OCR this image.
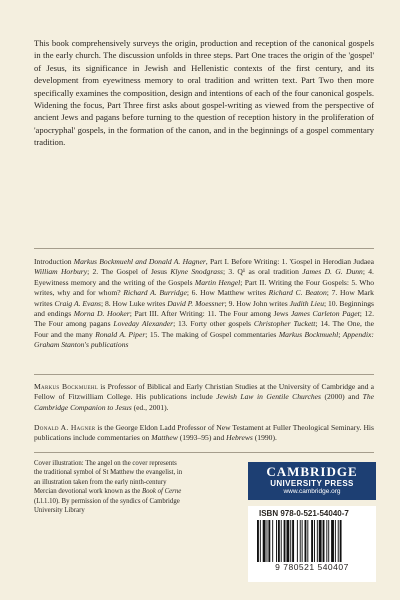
This book comprehensively surveys the origin, production and reception of the canonical gospels in the early church. The discussion unfolds in three steps. Part One traces the origin of the 'gospel' of Jesus, its significance in Jewish and Hellenistic contexts of the first century, and its development from eyewitness memory to oral tradition and written text. Part Two then more specifically examines the composition, design and intentions of each of the four canonical gospels. Widening the focus, Part Three first asks about gospel-writing as viewed from the perspective of ancient Jews and pagans before turning to the question of reception history in the proliferation of 'apocryphal' gospels, in the formation of the canon, and in the beginnings of a gospel commentary tradition.

Introduction Markus Bockmuehl and Donald A. Hagner, Part I. Before Writing: 1. 'Gospel in Herodian Judaea William Horbury; 2. The Gospel of Jesus Klyne Snodgrass; 3. Q¹ as oral tradition James D. G. Dunn; 4. Eyewitness memory and the writing of the Gospels Martin Hengel; Part II. Writing the Four Gospels: 5. Who writes, why and for whom? Richard A. Burridge; 6. How Matthew writes Richard C. Beaton; 7. How Mark writes Craig A. Evans; 8. How Luke writes David P. Moessner; 9. How John writes Judith Lieu; 10. Beginnings and endings Morna D. Hooker; Part III. After Writing: 11. The Four among Jews James Carleton Paget; 12. The Four among pagans Loveday Alexander; 13. Forty other gospels Christopher Tuckett; 14. The One, the Four and the many Ronald A. Piper; 15. The making of Gospel commentaries Markus Bockmuehl; Appendix: Graham Stanton's publications

Markus Bockmuehl is Professor of Biblical and Early Christian Studies at the University of Cambridge and a Fellow of Fitzwilliam College. His publications include Jewish Law in Gentile Churches (2000) and The Cambridge Companion to Jesus (ed., 2001).

Donald A. Hagner is the George Eldon Ladd Professor of New Testament at Fuller Theological Seminary. His publications include commentaries on Matthew (1993–95) and Hebrews (1990).

Cover illustration: The angel on the cover represents the traditional symbol of St Matthew the evangelist, in an illustration taken from the early ninth-century Mercian devotional work known as the Book of Cerne (Ll.1.10). By permission of the syndics of Cambridge University Library

CAMBRIDGE
UNIVERSITY PRESS
www.cambridge.org
ISBN 978-0-521-54040-7
9 780521 540407
